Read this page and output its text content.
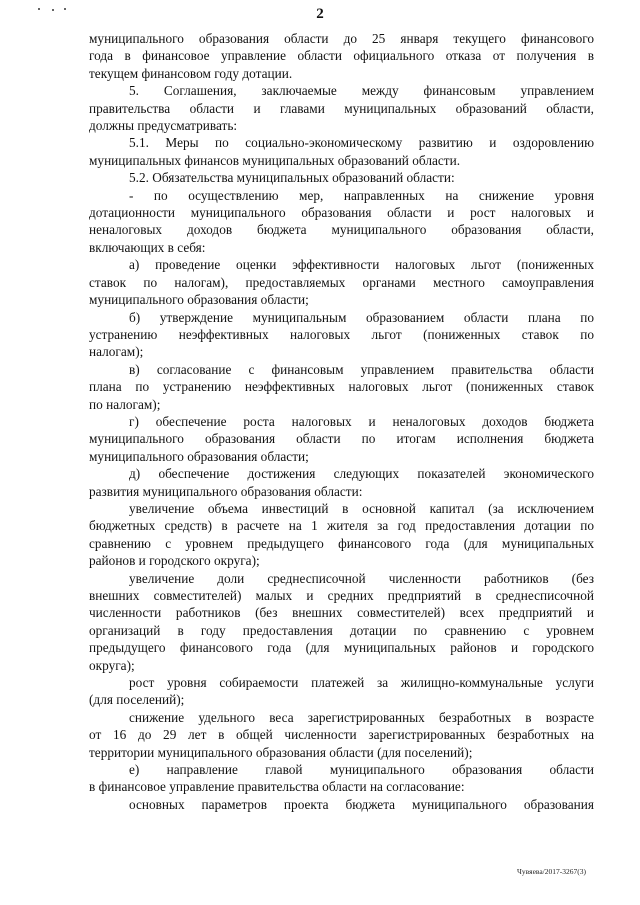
2
муниципального образования области до 25 января текущего финансового
года в финансовое управление области официального отказа от получения в
текущем финансовом году дотации.
5. Соглашения, заключаемые между финансовым управлением
правительства области и главами муниципальных образований области,
должны предусматривать:
5.1. Меры по социально-экономическому развитию и оздоровлению
муниципальных финансов муниципальных образований области.
5.2. Обязательства муниципальных образований области:
- по осуществлению мер, направленных на снижение уровня
дотационности муниципального образования области и рост налоговых и
неналоговых доходов бюджета муниципального образования области,
включающих в себя:
а) проведение оценки эффективности налоговых льгот (пониженных
ставок по налогам), предоставляемых органами местного самоуправления
муниципального образования области;
б) утверждение муниципальным образованием области плана по
устранению неэффективных налоговых льгот (пониженных ставок по
налогам);
в) согласование с финансовым управлением правительства области
плана по устранению неэффективных налоговых льгот (пониженных ставок
по налогам);
г) обеспечение роста налоговых и неналоговых доходов бюджета
муниципального образования области по итогам исполнения бюджета
муниципального образования области;
д) обеспечение достижения следующих показателей экономического
развития муниципального образования области:
увеличение объема инвестиций в основной капитал (за исключением
бюджетных средств) в расчете на 1 жителя за год предоставления дотации по
сравнению с уровнем предыдущего финансового года (для муниципальных
районов и городского округа);
увеличение доли среднесписочной численности работников (без
внешних совместителей) малых и средних предприятий в среднесписочной
численности работников (без внешних совместителей) всех предприятий и
организаций в году предоставления дотации по сравнению с уровнем
предыдущего финансового года (для муниципальных районов и городского
округа);
рост уровня собираемости платежей за жилищно-коммунальные услуги
(для поселений);
снижение удельного веса зарегистрированных безработных в возрасте
от 16 до 29 лет в общей численности зарегистрированных безработных на
территории муниципального образования области (для поселений);
е) направление главой муниципального образования области
в финансовое управление правительства области на согласование:
основных параметров проекта бюджета муниципального образования
Чувяева/2017-3267(3)
